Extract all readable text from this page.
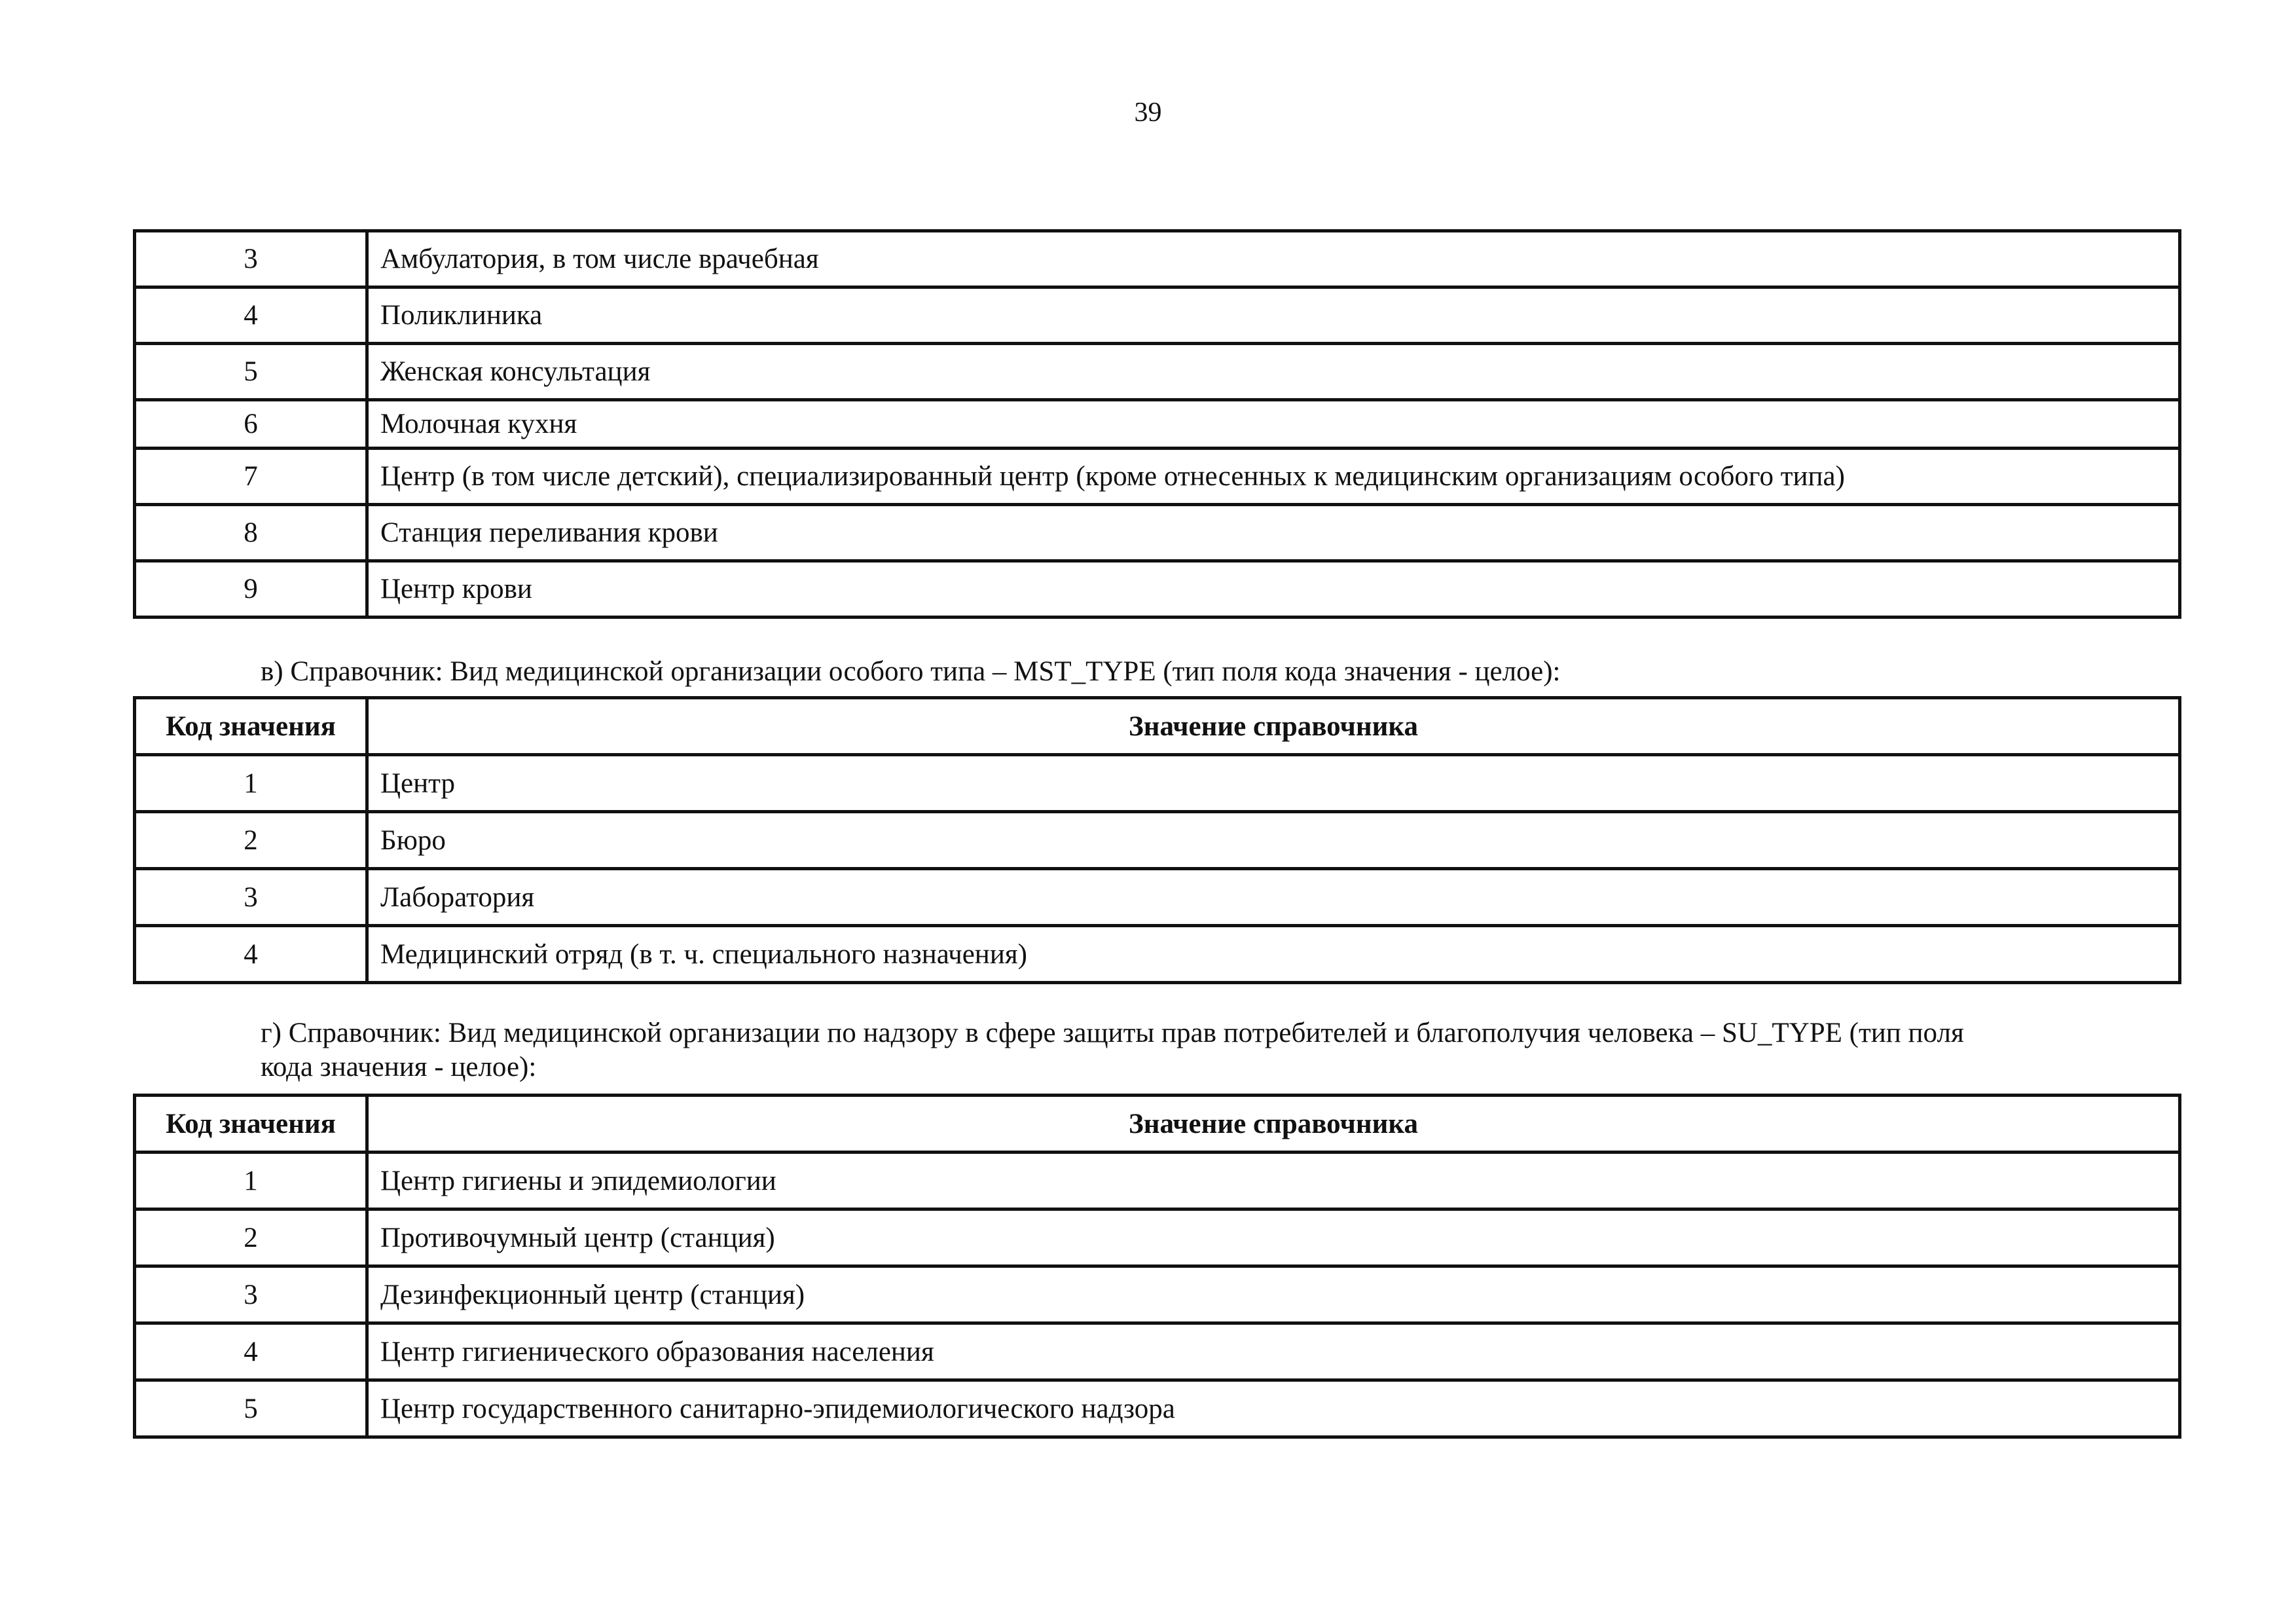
39
3	Амбулатория, в том числе врачебная
4	Поликлиника
5	Женская консультация
6	Молочная кухня
7	Центр (в том числе детский), специализированный центр (кроме отнесенных к медицинским организациям особого типа)
8	Станция переливания крови
9	Центр крови
в) Справочник: Вид медицинской организации особого типа – MST_TYPE (тип поля кода значения - целое):
Код значения	Значение справочника
1	Центр
2	Бюро
3	Лаборатория
4	Медицинский отряд (в т. ч. специального назначения)
г) Справочник: Вид медицинской организации по надзору в сфере защиты прав потребителей и благополучия человека – SU_TYPE (тип поля
кода значения - целое):
Код значения	Значение справочника
1	Центр гигиены и эпидемиологии
2	Противочумный центр (станция)
3	Дезинфекционный центр (станция)
4	Центр гигиенического образования населения
5	Центр государственного санитарно-эпидемиологического надзора
